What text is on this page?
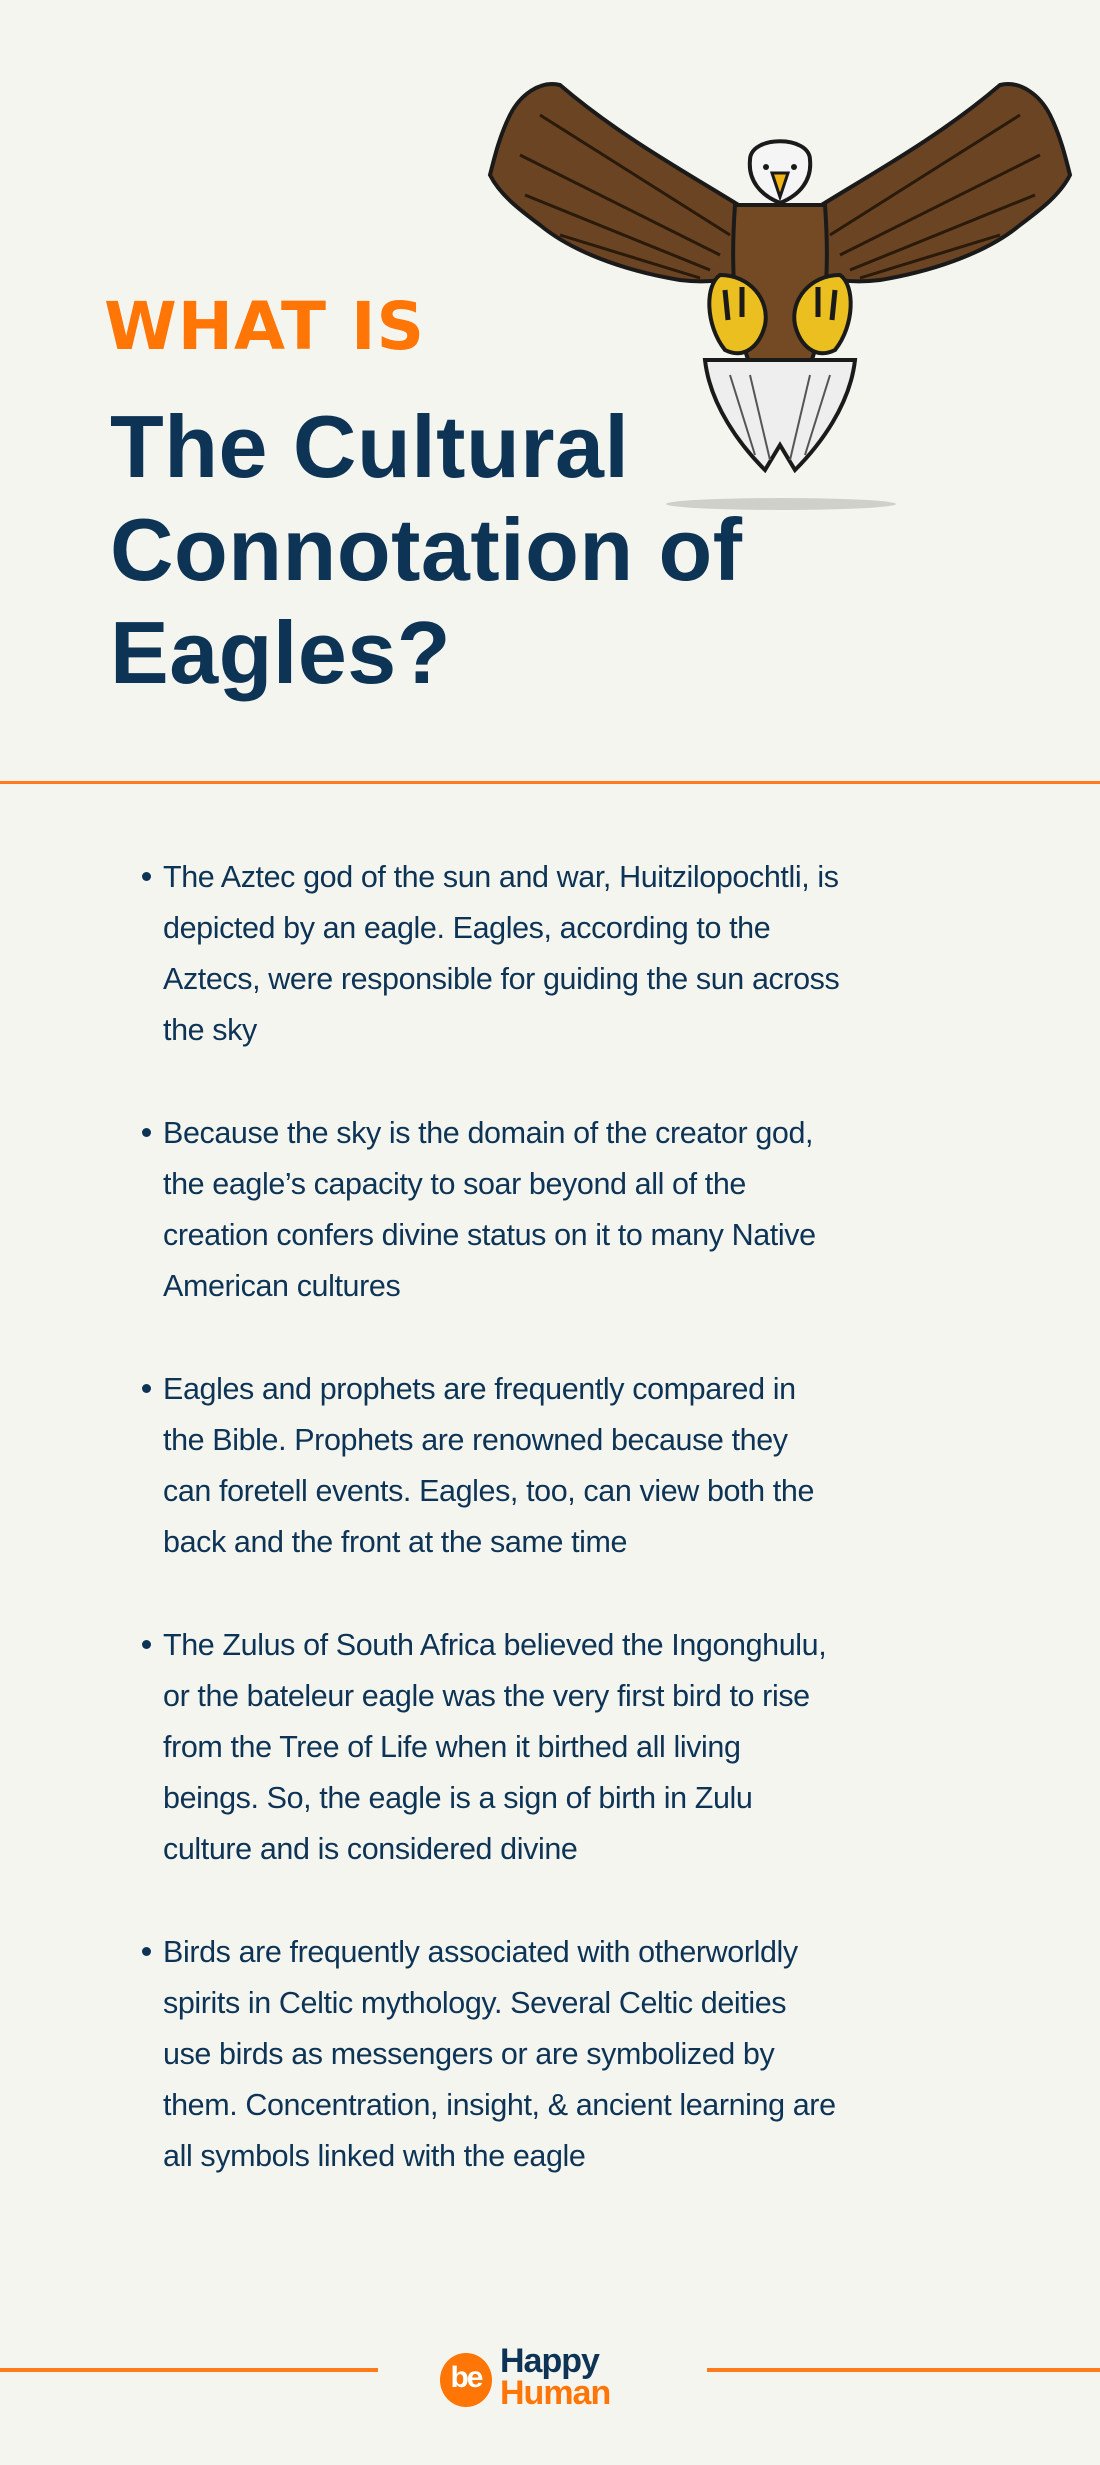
WHAT IS
The Cultural
Connotation of
Eagles?
The Aztec god of the sun and war, Huitzilopochtli, is
depicted by an eagle. Eagles, according to the
Aztecs, were responsible for guiding the sun across
the sky
Because the sky is the domain of the creator god,
the eagle’s capacity to soar beyond all of the
creation confers divine status on it to many Native
American cultures
Eagles and prophets are frequently compared in
the Bible. Prophets are renowned because they
can foretell events. Eagles, too, can view both the
back and the front at the same time
The Zulus of South Africa believed the Ingonghulu,
or the bateleur eagle was the very first bird to rise
from the Tree of Life when it birthed all living
beings. So, the eagle is a sign of birth in Zulu
culture and is considered divine
Birds are frequently associated with otherworldly
spirits in Celtic mythology. Several Celtic deities
use birds as messengers or are symbolized by
them. Concentration, insight, & ancient learning are
all symbols linked with the eagle
be Happy
Human
